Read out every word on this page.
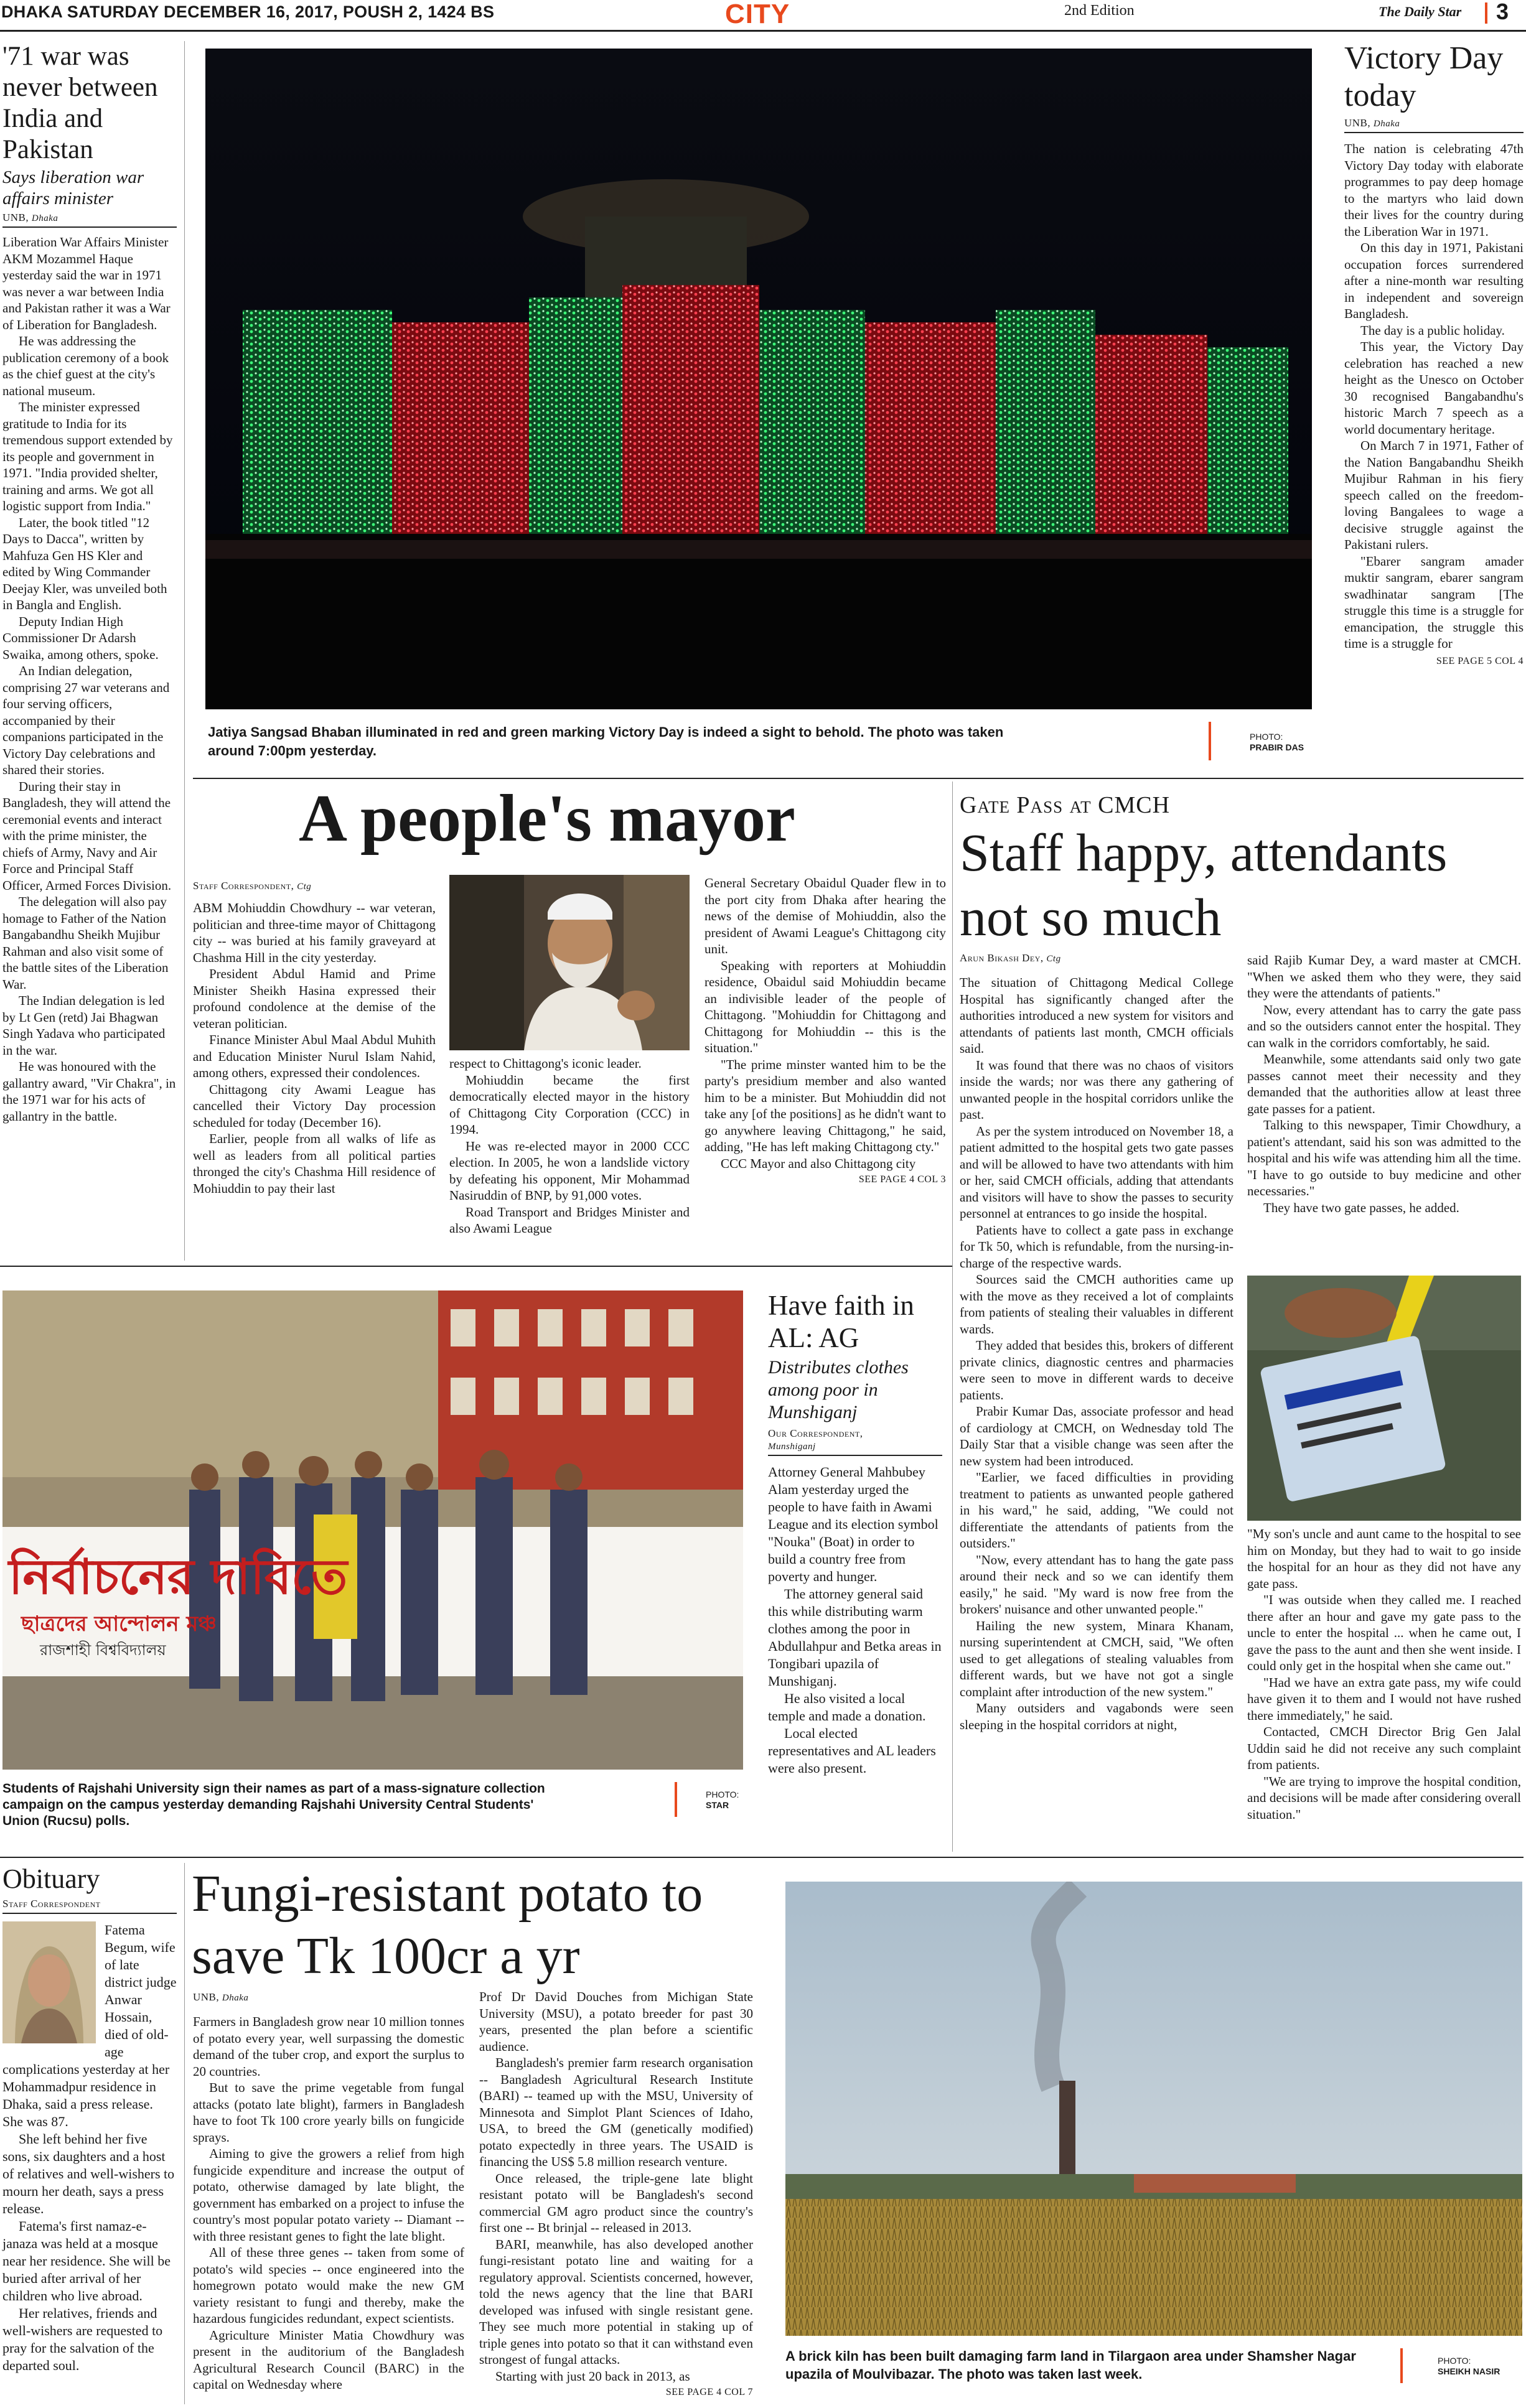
DHAKA SATURDAY DECEMBER 16, 2017, POUSH 2, 1424 BS	CITY	2nd Edition	The Daily Star 3
'71 war was never between India and Pakistan
Says liberation war affairs minister
UNB, Dhaka

Liberation War Affairs Minister AKM Mozammel Haque yesterday said the war in 1971 was never a war between India and Pakistan rather it was a War of Liberation for Bangladesh.

He was addressing the publication ceremony of a book as the chief guest at the city's national museum.

The minister expressed gratitude to India for its tremendous support extended by its people and government in 1971. "India provided shelter, training and arms. We got all logistic support from India."

Later, the book titled "12 Days to Dacca", written by Mahfuza Gen HS Kler and edited by Wing Commander Deejay Kler, was unveiled both in Bangla and English.

Deputy Indian High Commissioner Dr Adarsh Swaika, among others, spoke.

An Indian delegation, comprising 27 war veterans and four serving officers, accompanied by their companions participated in the Victory Day celebrations and shared their stories.

During their stay in Bangladesh, they will attend the ceremonial events and interact with the prime minister, the chiefs of Army, Navy and Air Force and Principal Staff Officer, Armed Forces Division.

The delegation will also pay homage to Father of the Nation Bangabandhu Sheikh Mujibur Rahman and also visit some of the battle sites of the Liberation War.

The Indian delegation is led by Lt Gen (retd) Jai Bhagwan Singh Yadava who participated in the war.

He was honoured with the gallantry award, "Vir Chakra", in the 1971 war for his acts of gallantry in the battle.

Jatiya Sangsad Bhaban illuminated in red and green marking Victory Day is indeed a sight to behold. The photo was taken around 7:00pm yesterday.
PHOTO:
PRABIR DAS
Victory Day today
UNB, Dhaka

The nation is celebrating 47th Victory Day today with elaborate programmes to pay deep homage to the martyrs who laid down their lives for the country during the Liberation War in 1971.

On this day in 1971, Pakistani occupation forces surrendered after a nine-month war resulting in independent and sovereign Bangladesh.

The day is a public holiday.

This year, the Victory Day celebration has reached a new height as the Unesco on October 30 recognised Bangabandhu's historic March 7 speech as a world documentary heritage.

On March 7 in 1971, Father of the Nation Bangabandhu Sheikh Mujibur Rahman in his fiery speech called on the freedom-loving Bangalees to wage a decisive struggle against the Pakistani rulers.

"Ebarer sangram amader muktir sangram, ebarer sangram swadhinatar sangram [The struggle this time is a struggle for emancipation, the struggle this time is a struggle for

SEE PAGE 5 COL 4
A people's mayor
Staff Correspondent, Ctg

ABM Mohiuddin Chowdhury -- war veteran, politician and three-time mayor of Chittagong city -- was buried at his family graveyard at Chashma Hill in the city yesterday.

President Abdul Hamid and Prime Minister Sheikh Hasina expressed their profound condolence at the demise of the veteran politician.

Finance Minister Abul Maal Abdul Muhith and Education Minister Nurul Islam Nahid, among others, expressed their condolences.

Chittagong city Awami League has cancelled their Victory Day procession scheduled for today (December 16).

Earlier, people from all walks of life as well as leaders from all political parties thronged the city's Chashma Hill residence of Mohiuddin to pay their last

respect to Chittagong's iconic leader.

Mohiuddin became the first democratically elected mayor in the history of Chittagong City Corporation (CCC) in 1994.

He was re-elected mayor in 2000 CCC election. In 2005, he won a landslide victory by defeating his opponent, Mir Mohammad Nasiruddin of BNP, by 91,000 votes.

Road Transport and Bridges Minister and also Awami League

General Secretary Obaidul Quader flew in to the port city from Dhaka after hearing the news of the demise of Mohiuddin, also the president of Awami League's Chittagong city unit.

Speaking with reporters at Mohiuddin residence, Obaidul said Mohiuddin became an indivisible leader of the people of Chittagong. "Mohiuddin for Chittagong and Chittagong for Mohiuddin -- this is the situation."

"The prime minster wanted him to be the party's presidium member and also wanted him to be a minister. But Mohiuddin did not take any [of the positions] as he didn't want to go anywhere leaving Chittagong," he said, adding, "He has left making Chittagong cty."

CCC Mayor and also Chittagong city

SEE PAGE 4 COL 3
Gate Pass at CMCH
Staff happy, attendants not so much
Arun Bikash Dey, Ctg

The situation of Chittagong Medical College Hospital has significantly changed after the authorities introduced a new system for visitors and attendants of patients last month, CMCH officials said.

It was found that there was no chaos of visitors inside the wards; nor was there any gathering of unwanted people in the hospital corridors unlike the past.

As per the system introduced on November 18, a patient admitted to the hospital gets two gate passes and will be allowed to have two attendants with him or her, said CMCH officials, adding that attendants and visitors will have to show the passes to security personnel at entrances to go inside the hospital.

Patients have to collect a gate pass in exchange for Tk 50, which is refundable, from the nursing-in-charge of the respective wards.

Sources said the CMCH authorities came up with the move as they received a lot of complaints from patients of stealing their valuables in different wards.

They added that besides this, brokers of different private clinics, diagnostic centres and pharmacies were seen to move in different wards to deceive patients.

Prabir Kumar Das, associate professor and head of cardiology at CMCH, on Wednesday told The Daily Star that a visible change was seen after the new system had been introduced.

"Earlier, we faced difficulties in providing treatment to patients as unwanted people gathered in his ward," he said, adding, "We could not differentiate the attendants of patients from the outsiders."

"Now, every attendant has to hang the gate pass around their neck and so we can identify them easily," he said. "My ward is now free from the brokers' nuisance and other unwanted people."

Hailing the new system, Minara Khanam, nursing superintendent at CMCH, said, "We often used to get allegations of stealing valuables from different wards, but we have not got a single complaint after introduction of the new system."

Many outsiders and vagabonds were seen sleeping in the hospital corridors at night,

said Rajib Kumar Dey, a ward master at CMCH. "When we asked them who they were, they said they were the attendants of patients."

Now, every attendant has to carry the gate pass and so the outsiders cannot enter the hospital. They can walk in the corridors comfortably, he said.

Meanwhile, some attendants said only two gate passes cannot meet their necessity and they demanded that the authorities allow at least three gate passes for a patient.

Talking to this newspaper, Timir Chowdhury, a patient's attendant, said his son was admitted to the hospital and his wife was attending him all the time. "I have to go outside to buy medicine and other necessaries."

They have two gate passes, he added.

"My son's uncle and aunt came to the hospital to see him on Monday, but they had to wait to go inside the hospital for an hour as they did not have any gate pass.

"I was outside when they called me. I reached there after an hour and gave my gate pass to the uncle to enter the hospital ... when he came out, I gave the pass to the aunt and then she went inside. I could only get in the hospital when she came out."

"Had we have an extra gate pass, my wife could have given it to them and I would not have rushed there immediately," he said.

Contacted, CMCH Director Brig Gen Jalal Uddin said he did not receive any such complaint from patients.

"We are trying to improve the hospital condition, and decisions will be made after considering overall situation."

নির্বাচনের দাবিতে
ছাত্রদের আন্দোলন মঞ্চ
রাজশাহী বিশ্ববিদ্যালয়
Students of Rajshahi University sign their names as part of a mass-signature collection campaign on the campus yesterday demanding Rajshahi University Central Students' Union (Rucsu) polls.
PHOTO:
STAR
Have faith in AL: AG
Distributes clothes among poor in Munshiganj
Our Correspondent,
Munshiganj

Attorney General Mahbubey Alam yesterday urged the people to have faith in Awami League and its election symbol "Nouka" (Boat) in order to build a country free from poverty and hunger.

The attorney general said this while distributing warm clothes among the poor in Abdullahpur and Betka areas in Tongibari upazila of Munshiganj.

He also visited a local temple and made a donation.

Local elected representatives and AL leaders were also present.

Obituary
Staff Correspondent

Fatema Begum, wife of late district judge Anwar Hossain, died of old-age complications yesterday at her Mohammadpur residence in Dhaka, said a press release. She was 87.

She left behind her five sons, six daughters and a host of relatives and well-wishers to mourn her death, says a press release.

Fatema's first namaz-e-janaza was held at a mosque near her residence. She will be buried after arrival of her children who live abroad.

Her relatives, friends and well-wishers are requested to pray for the salvation of the departed soul.

Fungi-resistant potato to save Tk 100cr a yr
UNB, Dhaka

Farmers in Bangladesh grow near 10 million tonnes of potato every year, well surpassing the domestic demand of the tuber crop, and export the surplus to 20 countries.

But to save the prime vegetable from fungal attacks (potato late blight), farmers in Bangladesh have to foot Tk 100 crore yearly bills on fungicide sprays.

Aiming to give the growers a relief from high fungicide expenditure and increase the output of potato, otherwise damaged by late blight, the government has embarked on a project to infuse the country's most popular potato variety -- Diamant -- with three resistant genes to fight the late blight.

All of these three genes -- taken from some of potato's wild species -- once engineered into the homegrown potato would make the new GM variety resistant to fungi and thereby, make the hazardous fungicides redundant, expect scientists.

Agriculture Minister Matia Chowdhury was present in the auditorium of the Bangladesh Agricultural Research Council (BARC) in the capital on Wednesday where

Prof Dr David Douches from Michigan State University (MSU), a potato breeder for past 30 years, presented the plan before a scientific audience.

Bangladesh's premier farm research organisation -- Bangladesh Agricultural Research Institute (BARI) -- teamed up with the MSU, University of Minnesota and Simplot Plant Sciences of Idaho, USA, to breed the GM (genetically modified) potato expectedly in three years. The USAID is financing the US$ 5.8 million research venture.

Once released, the triple-gene late blight resistant potato will be Bangladesh's second commercial GM agro product since the country's first one -- Bt brinjal -- released in 2013.

BARI, meanwhile, has also developed another fungi-resistant potato line and waiting for a regulatory approval. Scientists concerned, however, told the news agency that the line that BARI developed was infused with single resistant gene. They see much more potential in staking up of triple genes into potato so that it can withstand even strongest of fungal attacks.

Starting with just 20 back in 2013, as

SEE PAGE 4 COL 7
A brick kiln has been built damaging farm land in Tilargaon area under Shamsher Nagar upazila of Moulvibazar. The photo was taken last week.
PHOTO:
SHEIKH NASIR
